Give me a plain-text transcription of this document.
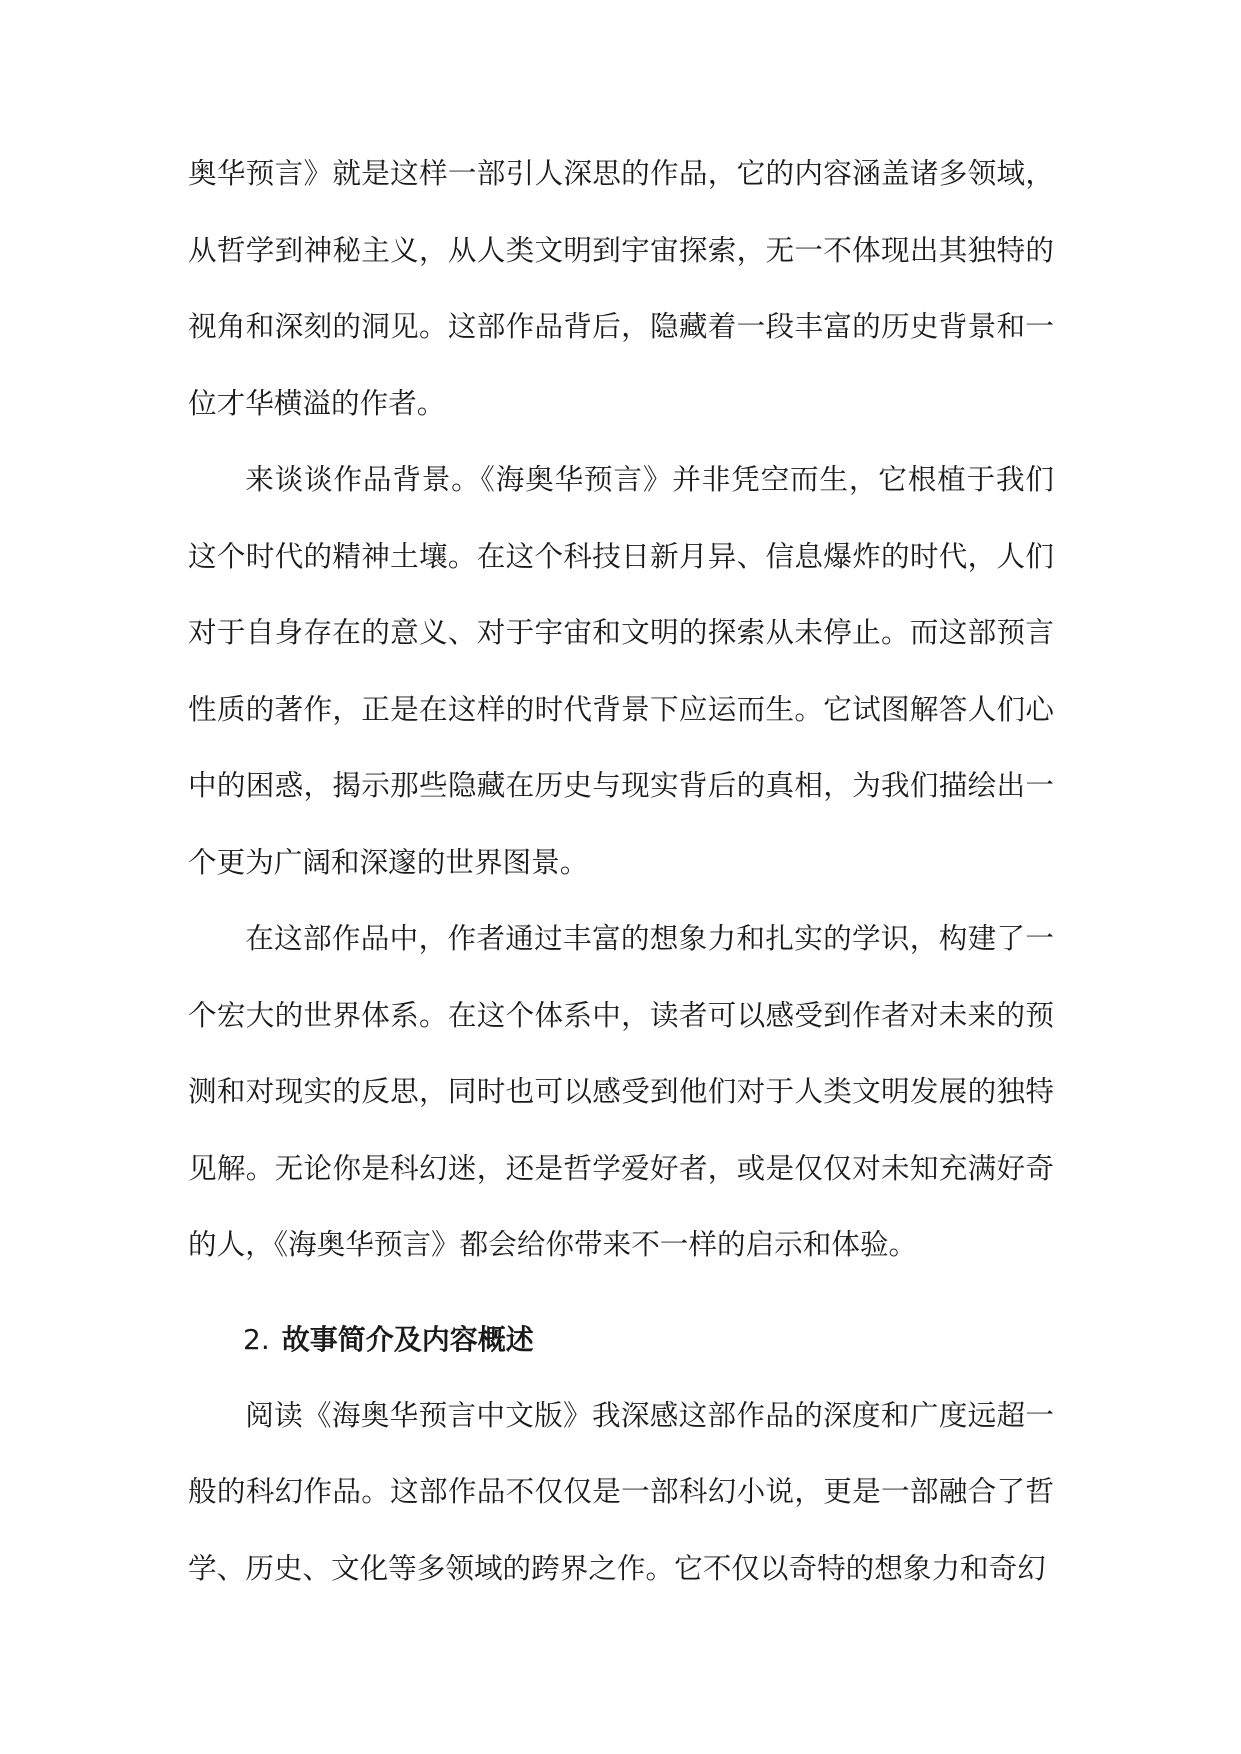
奥华预言》就是这样一部引人深思的作品，它的内容涵盖诸多领域，从哲学到神秘主义，从人类文明到宇宙探索，无一不体现出其独特的视角和深刻的洞见。这部作品背后，隐藏着一段丰富的历史背景和一位才华横溢的作者。

来谈谈作品背景。《海奥华预言》并非凭空而生，它根植于我们这个时代的精神土壤。在这个科技日新月异、信息爆炸的时代，人们对于自身存在的意义、对于宇宙和文明的探索从未停止。而这部预言性质的著作，正是在这样的时代背景下应运而生。它试图解答人们心中的困惑，揭示那些隐藏在历史与现实背后的真相，为我们描绘出一个更为广阔和深邃的世界图景。

在这部作品中，作者通过丰富的想象力和扎实的学识，构建了一个宏大的世界体系。在这个体系中，读者可以感受到作者对未来的预测和对现实的反思，同时也可以感受到他们对于人类文明发展的独特见解。无论你是科幻迷，还是哲学爱好者，或是仅仅对未知充满好奇的人，《海奥华预言》都会给你带来不一样的启示和体验。

2. 故事简介及内容概述

阅读《海奥华预言中文版》我深感这部作品的深度和广度远超一般的科幻作品。这部作品不仅仅是一部科幻小说，更是一部融合了哲学、历史、文化等多领域的跨界之作。它不仅以奇特的想象力和奇幻
